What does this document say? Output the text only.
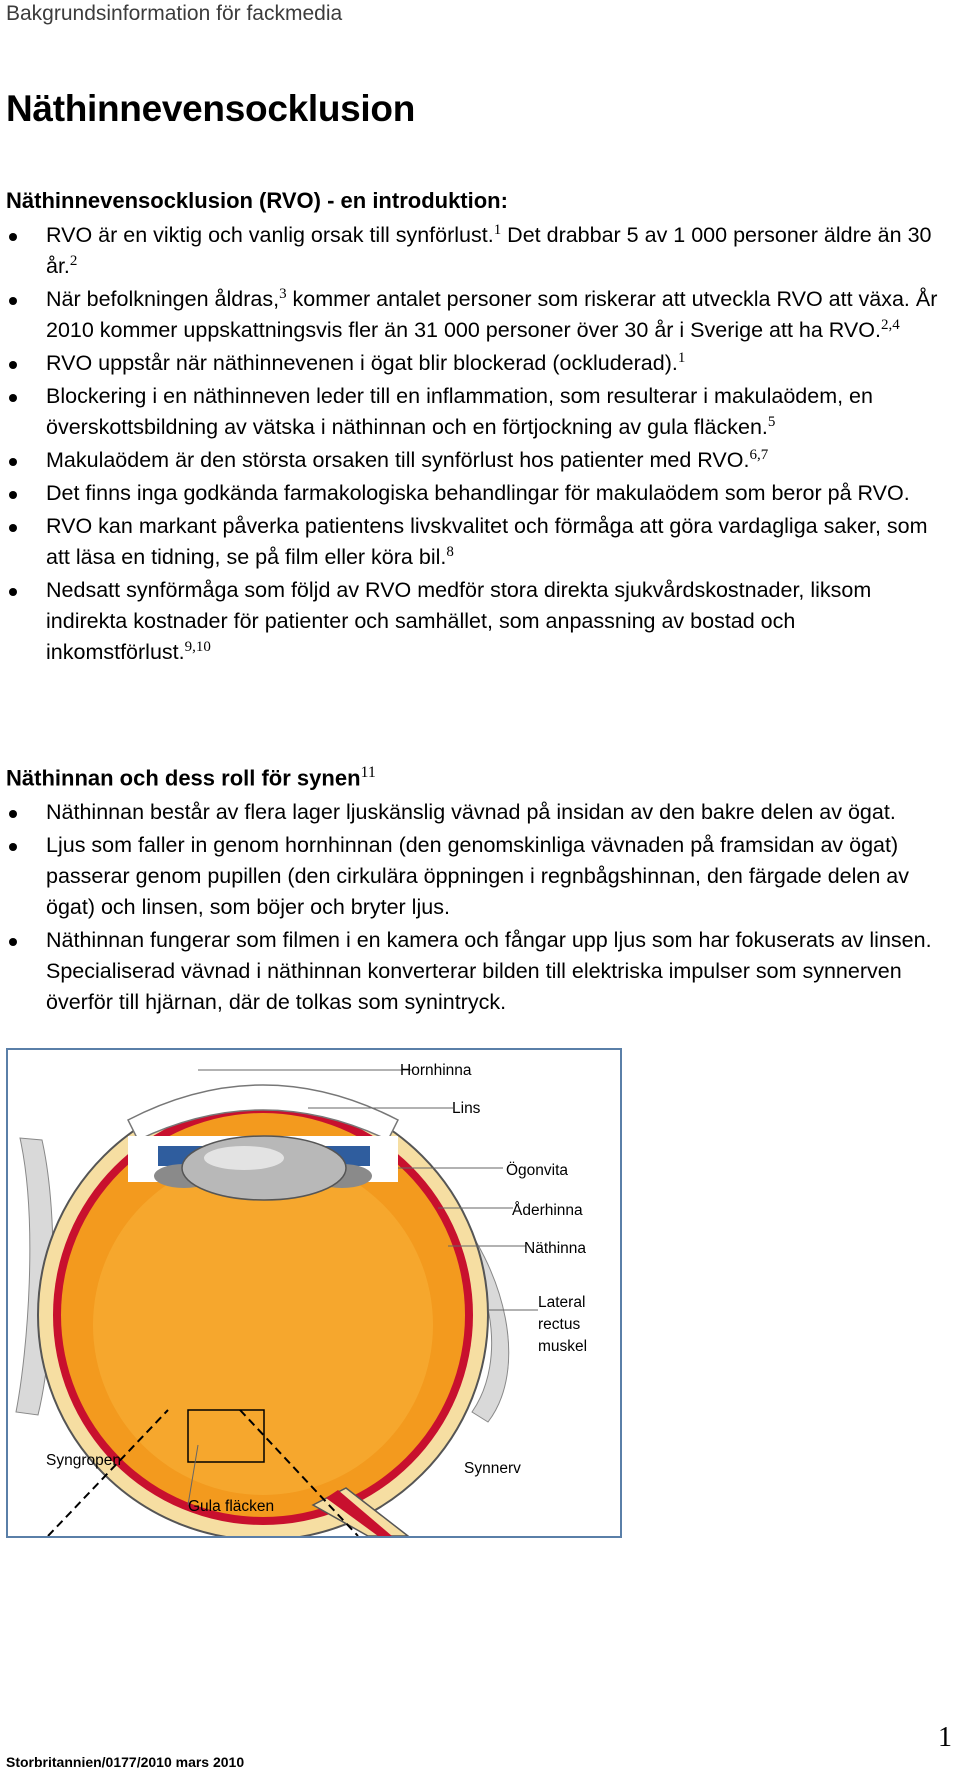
Bakgrundsinformation för fackmedia
Näthinnevensocklusion
Näthinnevensocklusion (RVO) - en introduktion:
RVO är en viktig och vanlig orsak till synförlust.$^1$ Det drabbar 5 av 1 000 personer äldre än 30 år.$^2$
När befolkningen åldras,$^3$ kommer antalet personer som riskerar att utveckla RVO att växa. År 2010 kommer uppskattningsvis fler än 31 000 personer över 30 år i Sverige att ha RVO.$^{2,4}$
RVO uppstår när näthinnevenen i ögat blir blockerad (ockluderad).$^1$
Blockering i en näthinneven leder till en inflammation, som resulterar i makulaödem, en överskottsbildning av vätska i näthinnan och en förtjockning av gula fläcken.$^5$
Makulaödem är den största orsaken till synförlust hos patienter med RVO.$^{6,7}$
Det finns inga godkända farmakologiska behandlingar för makulaödem som beror på RVO.
RVO kan markant påverka patientens livskvalitet och förmåga att göra vardagliga saker, som att läsa en tidning, se på film eller köra bil.$^8$
Nedsatt synförmåga som följd av RVO medför stora direkta sjukvårdskostnader, liksom indirekta kostnader för patienter och samhället, som anpassning av bostad och inkomstförlust.$^{9,10}$
Näthinnan och dess roll för synen$^{11}$
Näthinnan består av flera lager ljuskänslig vävnad på insidan av den bakre delen av ögat.
Ljus som faller in genom hornhinnan (den genomskinliga vävnaden på framsidan av ögat) passerar genom pupillen (den cirkulära öppningen i regnbågshinnan, den färgade delen av ögat) och linsen, som böjer och bryter ljus.
Näthinnan fungerar som filmen i en kamera och fångar upp ljus som har fokuserats av linsen. Specialiserad vävnad i näthinnan konverterar bilden till elektriska impulser som synnerven överför till hjärnan, där de tolkas som synintryck.
Hornhinna
Lins
Ögonvita
Åderhinna
Näthinna
Lateral
rectus
muskel
Syngropen	Synnerv
Gula fläcken
Storbritannien/0177/2010 mars 2010
1
